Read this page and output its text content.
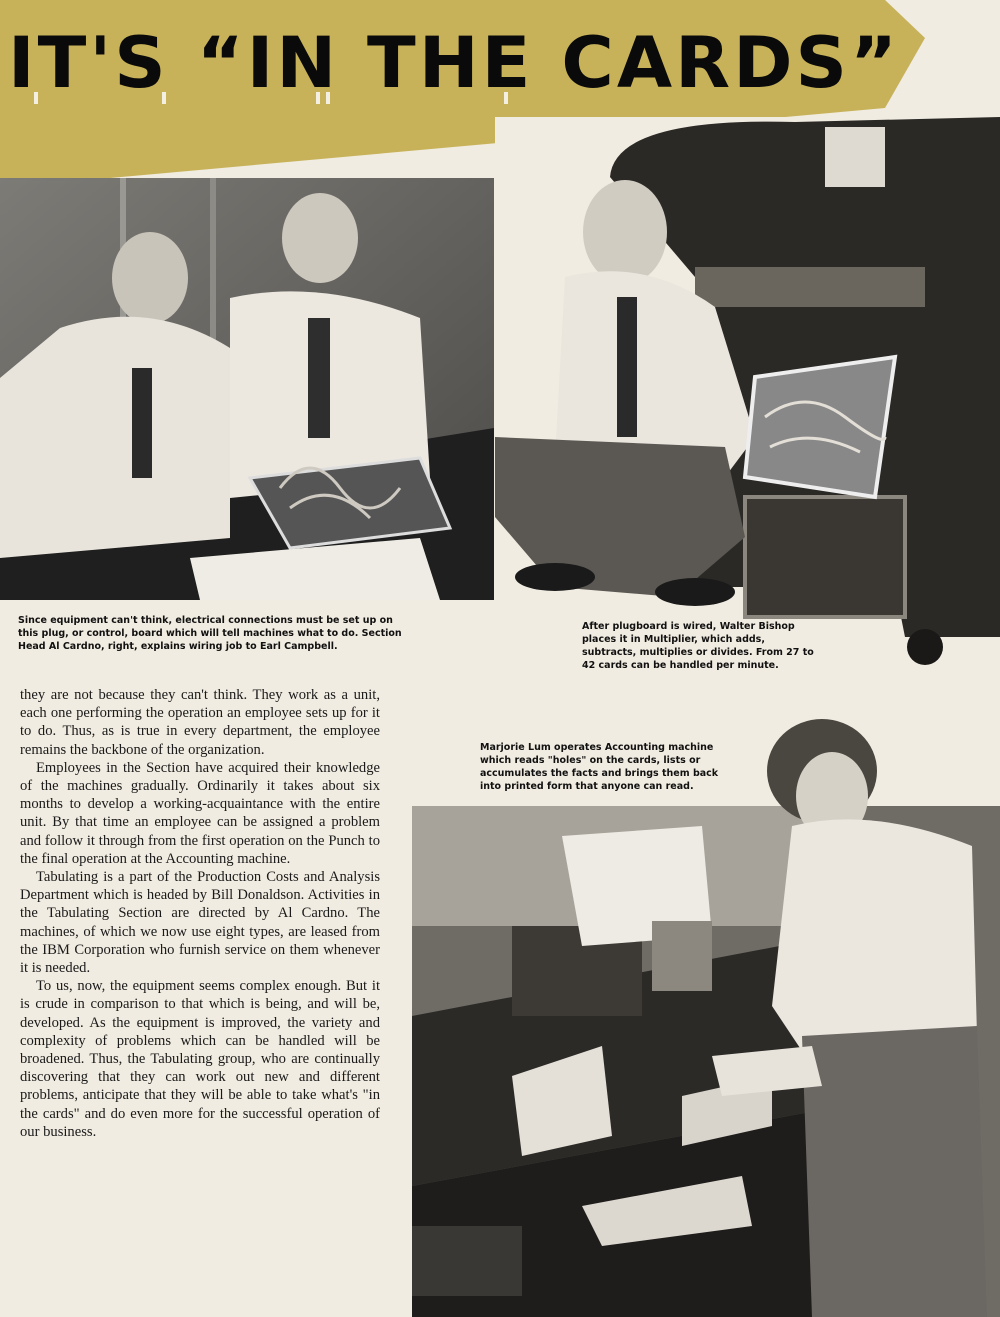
IT'S “IN THE CARDS”
Since equipment can't think, electrical connections must be set up on this plug, or control, board which will tell machines what to do. Section Head Al Cardno, right, explains wiring job to Earl Campbell.
After plugboard is wired, Walter Bishop places it in Multiplier, which adds, subtracts, multiplies or divides. From 27 to 42 cards can be handled per minute.
Marjorie Lum operates Accounting machine which reads "holes" on the cards, lists or accumulates the facts and brings them back into printed form that anyone can read.

they are not because they can't think. They work as a unit, each one performing the operation an employee sets up for it to do. Thus, as is true in every department, the employee remains the backbone of the organization.

Employees in the Section have acquired their knowledge of the machines gradually. Ordinarily it takes about six months to develop a working-acquaintance with the entire unit. By that time an employee can be assigned a problem and follow it through from the first operation on the Punch to the final operation at the Accounting machine.

Tabulating is a part of the Production Costs and Analysis Department which is headed by Bill Donaldson. Activities in the Tabulating Section are directed by Al Cardno. The machines, of which we now use eight types, are leased from the IBM Corporation who furnish service on them whenever it is needed.

To us, now, the equipment seems complex enough. But it is crude in comparison to that which is being, and will be, developed. As the equipment is improved, the variety and complexity of problems which can be handled will be broadened. Thus, the Tabulating group, who are continually discovering that they can work out new and different problems, anticipate that they will be able to take what's "in the cards" and do even more for the successful operation of our business.
